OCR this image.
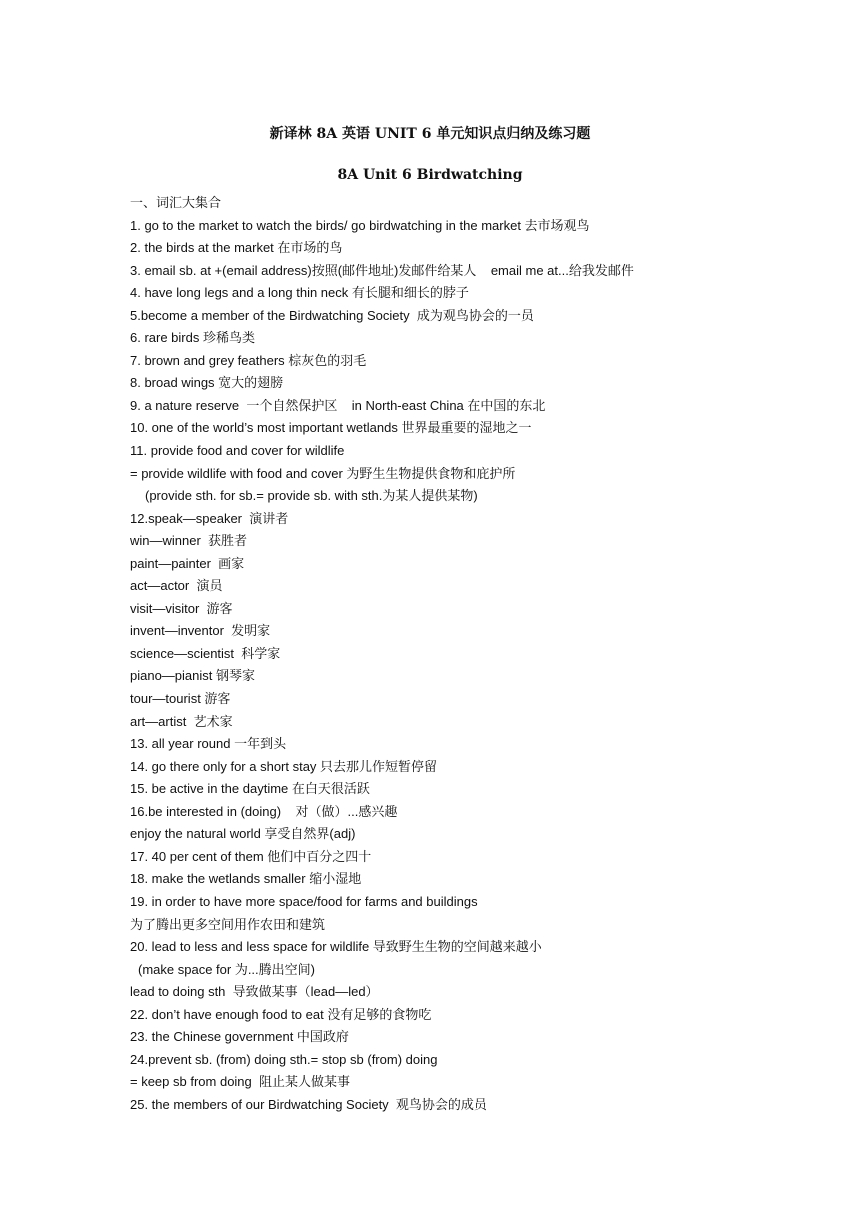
新译林 8A 英语 UNIT 6 单元知识点归纳及练习题
8A Unit 6 Birdwatching
一、词汇大集合
1. go to the market to watch the birds/ go birdwatching in the market 去市场观鸟
2. the birds at the market 在市场的鸟
3. email sb. at +(email address)按照(邮件地址)发邮件给某人    email me at...给我发邮件
4. have long legs and a long thin neck 有长腿和细长的脖子
5.become a member of the Birdwatching Society  成为观鸟协会的一员
6. rare birds 珍稀鸟类
7. brown and grey feathers 棕灰色的羽毛
8. broad wings 宽大的翅膀
9. a nature reserve  一个自然保护区    in North-east China 在中国的东北
10. one of the world’s most important wetlands 世界最重要的湿地之一
11. provide food and cover for wildlife
= provide wildlife with food and cover 为野生生物提供食物和庇护所
(provide sth. for sb.= provide sb. with sth.为某人提供某物)
12.speak—speaker  演讲者
win—winner  获胜者
paint—painter  画家
act—actor  演员
visit—visitor  游客
invent—inventor  发明家
science—scientist  科学家
piano—pianist 钢琴家
tour—tourist 游客
art—artist  艺术家
13. all year round 一年到头
14. go there only for a short stay 只去那儿作短暂停留
15. be active in the daytime 在白天很活跃
16.be interested in (doing)    对（做）...感兴趣
enjoy the natural world 享受自然界(adj)
17. 40 per cent of them 他们中百分之四十
18. make the wetlands smaller 缩小湿地
19. in order to have more space/food for farms and buildings
为了腾出更多空间用作农田和建筑
20. lead to less and less space for wildlife 导致野生生物的空间越来越小
(make space for 为...腾出空间)
lead to doing sth  导致做某事（lead—led）
22. don’t have enough food to eat 没有足够的食物吃
23. the Chinese government 中国政府
24.prevent sb. (from) doing sth.= stop sb (from) doing
= keep sb from doing  阻止某人做某事
25. the members of our Birdwatching Society  观鸟协会的成员
